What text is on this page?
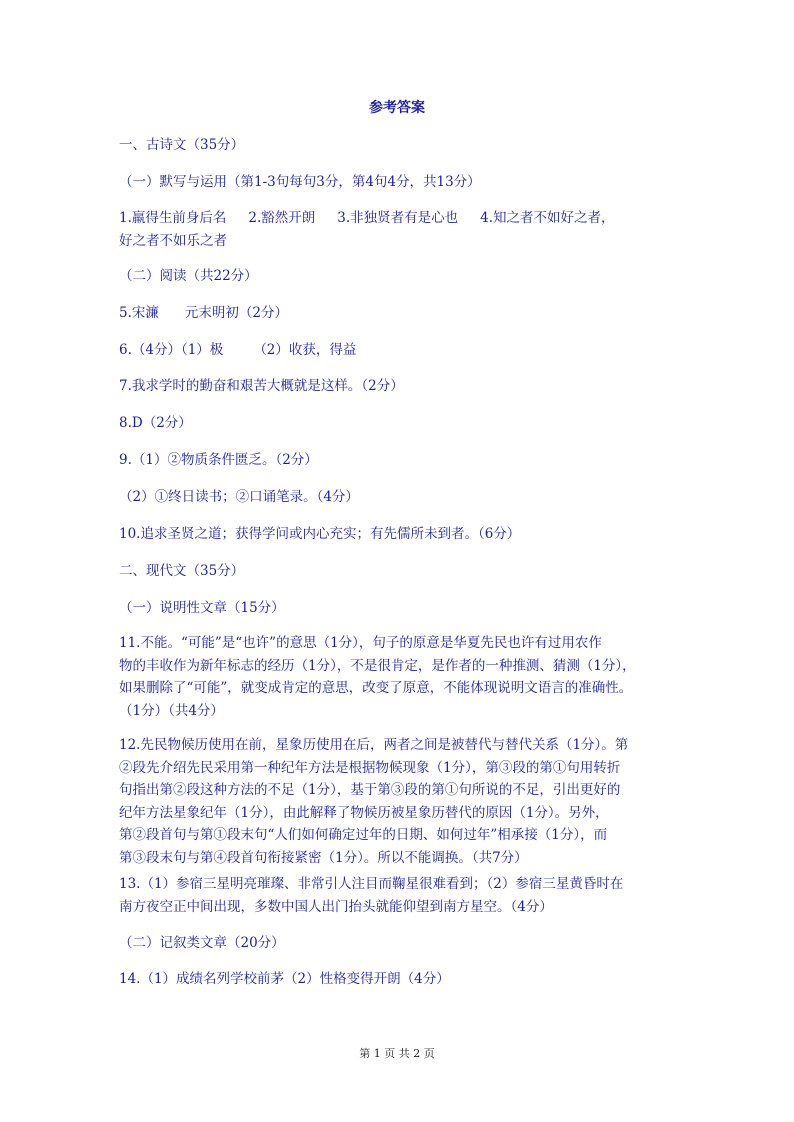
参考答案
一、古诗文（35分）
（一）默写与运用（第1-3句每句3分，第4句4分，共13分）
1.羸得生前身后名 2.豁然开朗 3.非独贤者有是心也 4.知之者不如好之者，
好之者不如乐之者
（二）阅读（共22分）
5.宋濂 元末明初（2分）
6.（4分）（1）极 （2）收获，得益
7.我求学时的勤奋和艰苦大概就是这样。（2分）
8.D（2分）
9.（1）②物质条件匮乏。（2分）
（2）①终日读书；②口诵笔录。（4分）
10.追求圣贤之道；获得学问或内心充实；有先儒所未到者。（6分）
二、现代文（35分）
（一）说明性文章（15分）
11.不能。“可能”是“也许”的意思（1分），句子的原意是华夏先民也许有过用农作
物的丰收作为新年标志的经历（1分），不是很肯定，是作者的一种推测、猜测（1分），
如果删除了“可能”，就变成肯定的意思，改变了原意，不能体现说明文语言的准确性。
（1分）（共4分）
12.先民物候历使用在前，星象历使用在后，两者之间是被替代与替代关系（1分）。第
②段先介绍先民采用第一种纪年方法是根据物候现象（1分），第③段的第①句用转折
句指出第②段这种方法的不足（1分），基于第③段的第①句所说的不足，引出更好的
纪年方法星象纪年（1分），由此解释了物候历被星象历替代的原因（1分）。另外，
第②段首句与第①段末句“人们如何确定过年的日期、如何过年”相承接（1分），而
第③段末句与第④段首句衔接紧密（1分）。所以不能调换。（共7分）
13.（1）参宿三星明亮璀璨、非常引人注目而鞠星很难看到；（2）参宿三星黄昏时在
南方夜空正中间出现，多数中国人出门抬头就能仰望到南方星空。（4分）
（二）记叙类文章（20分）
14.（1）成绩名列学校前茅（2）性格变得开朗（4分）
第 1 页 共 2 页
